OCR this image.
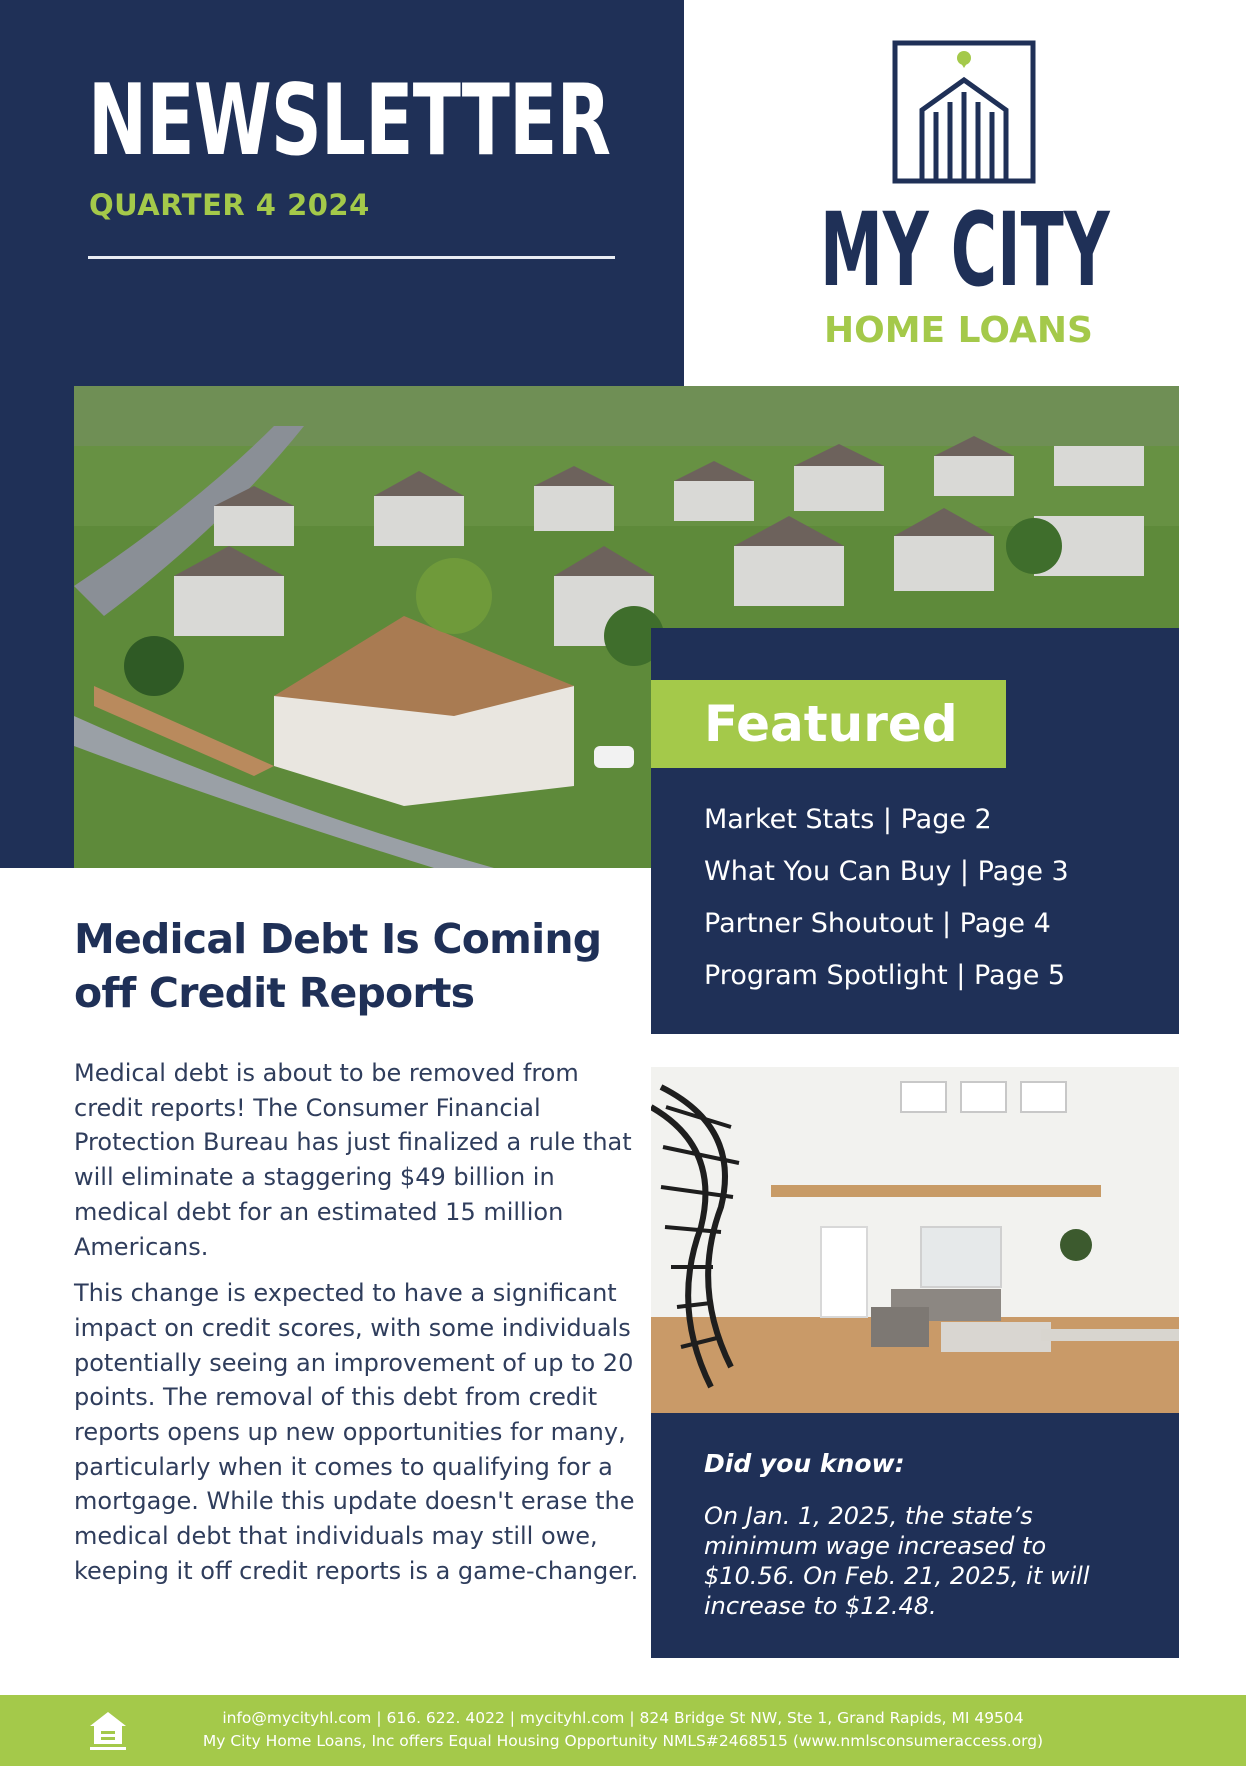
NEWSLETTER
QUARTER 4 2024	MY CITY
HOME LOANS
Featured
Market Stats | Page 2
What You Can Buy | Page 3
Partner Shoutout | Page 4
Program Spotlight | Page 5
Medical Debt Is Coming off Credit Reports

Medical debt is about to be removed from credit reports! The Consumer Financial Protection Bureau has just finalized a rule that will eliminate a staggering $49 billion in medical debt for an estimated 15 million Americans.

This change is expected to have a significant impact on credit scores, with some individuals potentially seeing an improvement of up to 20 points. The removal of this debt from credit reports opens up new opportunities for many, particularly when it comes to qualifying for a mortgage. While this update doesn't erase the medical debt that individuals may still owe, keeping it off credit reports is a game-changer.

Did you know:
On Jan. 1, 2025, the state’s minimum wage increased to $10.56. On Feb. 21, 2025, it will increase to $12.48.
info@mycityhl.com | 616. 622. 4022 | mycityhl.com | 824 Bridge St NW, Ste 1, Grand Rapids, MI 49504
My City Home Loans, Inc offers Equal Housing Opportunity NMLS#2468515 (www.nmlsconsumeraccess.org)
